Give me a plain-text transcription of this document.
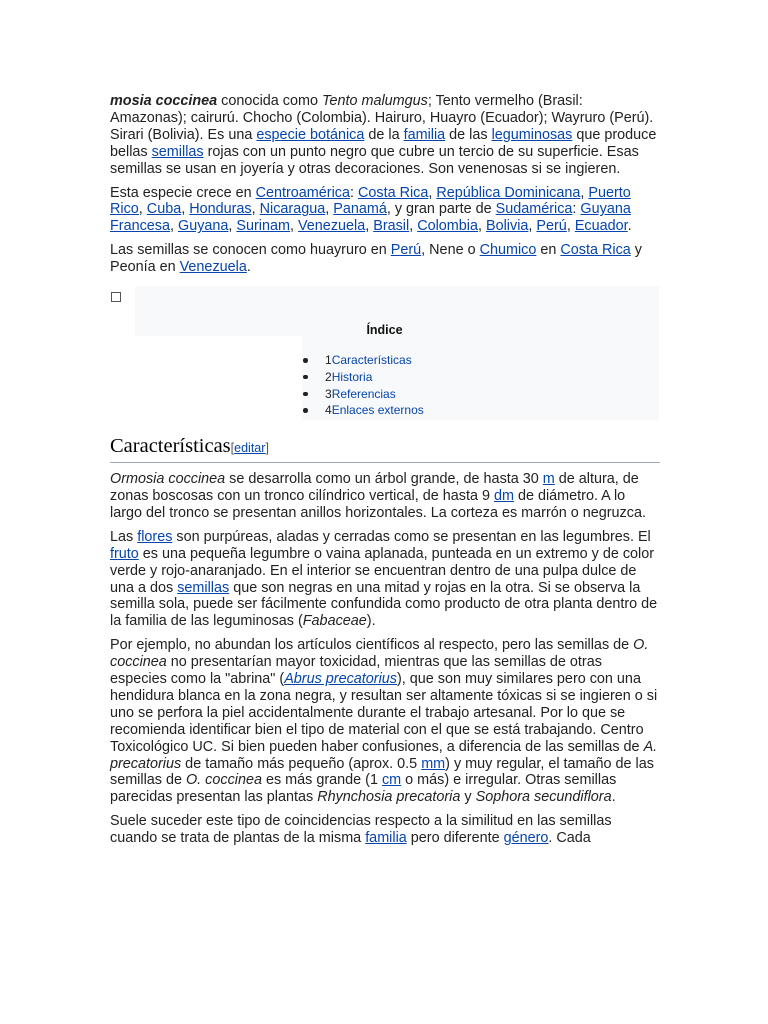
mosia coccinea conocida como Tento malumgus; Tento vermelho (Brasil: Amazonas); cairurú. Chocho (Colombia). Hairuro, Huayro (Ecuador); Wayruro (Perú). Sirari (Bolivia). Es una especie botánica de la familia de las leguminosas que produce bellas semillas rojas con un punto negro que cubre un tercio de su superficie. Esas semillas se usan en joyería y otras decoraciones. Son venenosas si se ingieren.

Esta especie crece en Centroamérica: Costa Rica, República Dominicana, Puerto Rico, Cuba, Honduras, Nicaragua, Panamá, y gran parte de Sudamérica: Guyana Francesa, Guyana, Surinam, Venezuela, Brasil, Colombia, Bolivia, Perú, Ecuador.

Las semillas se conocen como huayruro en Perú, Nene o Chumico en Costa Rica y Peonía en Venezuela.

Índice
1Características
2Historia
3Referencias
4Enlaces externos
Características[editar]

Ormosia coccinea se desarrolla como un árbol grande, de hasta 30 m de altura, de zonas boscosas con un tronco cilíndrico vertical, de hasta 9 dm de diámetro. A lo largo del tronco se presentan anillos horizontales. La corteza es marrón o negruzca.

Las flores son purpúreas, aladas y cerradas como se presentan en las legumbres. El fruto es una pequeña legumbre o vaina aplanada, punteada en un extremo y de color verde y rojo-anaranjado. En el interior se encuentran dentro de una pulpa dulce de una a dos semillas que son negras en una mitad y rojas en la otra. Si se observa la semilla sola, puede ser fácilmente confundida como producto de otra planta dentro de la familia de las leguminosas (Fabaceae).

Por ejemplo, no abundan los artículos científicos al respecto, pero las semillas de O. coccinea no presentarían mayor toxicidad, mientras que las semillas de otras especies como la "abrina" (Abrus precatorius), que son muy similares pero con una hendidura blanca en la zona negra, y resultan ser altamente tóxicas si se ingieren o si uno se perfora la piel accidentalmente durante el trabajo artesanal. Por lo que se recomienda identificar bien el tipo de material con el que se está trabajando. Centro Toxicológico UC. Si bien pueden haber confusiones, a diferencia de las semillas de A. precatorius de tamaño más pequeño (aprox. 0.5 mm) y muy regular, el tamaño de las semillas de O. coccinea es más grande (1 cm o más) e irregular. Otras semillas parecidas presentan las plantas Rhynchosia precatoria y Sophora secundiflora.

Suele suceder este tipo de coincidencias respecto a la similitud en las semillas cuando se trata de plantas de la misma familia pero diferente género. Cada
